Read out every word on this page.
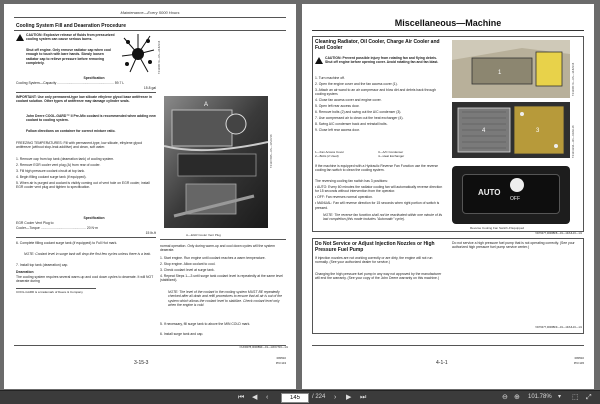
Maintenance—Every 5000 Hours
Cooling System Fill and Deaeration Procedure
CAUTION: Explosive release of fluids from pressurized cooling system can cause serious burns.
Shut off engine. Only remove radiator cap when cool enough to touch with bare hands. Slowly loosen radiator cap to relieve pressure before removing completely.	TX1206173—UN—24JUN16
Specification
Cooling System—Capacity ............................................................ 59.7 L
15.8 gal
IMPORTANT: Use only permanent-type low silicate ethylene glycol base antifreeze in coolant solution. Other types of antifreeze may damage cylinder seals.
John Deere COOL-GARD™ II Pre-Mix coolant is recommended when adding new coolant to cooling system.
Follow directions on container for correct mixture ratio.
FREEZING TEMPERATURES: Fill with permanent-type, low silicate, ethylene glycol antifreeze (without stop-leak additive) and clean, soft water.
1. Remove cap from top tank (deaeration tank) of cooling system.
2. Remove EGR cooler vent plug (A) from rear of cooler.
3. Fill high pressure coolant circuit at top tank.
4. Begin filling coolant surge tank (if equipped).
5. When air is purged and coolant is visibly coming out of vent hole on EGR cooler, install EGR cooler vent plug and tighten to specification.
Specification
EGR Cooler Vent Plug to
Cooler—Torque ................................................ 20 N·m
15 lb-ft
6. Complete filling coolant surge tank (if equipped) to Full Hot mark.
NOTE: Coolant level in surge tank will drop the first few cycles unless there is a leak.
7. Install top tank (deaeration) cap.
Deaeration
The cooling system requires several warm-up and cool down cycles to deaerate. It will NOT deaerate during
COOL-GARD is a trademark of Deere & Company
A
TX1207845—UN—11NOV16
A—EGR Cooler Vent Plug
normal operation. Only during warm-up and cool down cycles will the system deaerate.
1. Start engine. Run engine until coolant reaches a warm temperature.
2. Stop engine. Allow coolant to cool.
3. Check coolant level at surge tank.
4. Repeat Steps 1—3 until surge tank coolant level is repeatedly at the same level (stabilized).
NOTE: The level of the coolant in the cooling system MUST BE repeatedly checked after all drain and refill procedures to ensure that all air is out of the system which allows the coolant level to stabilize. Check coolant level only when the engine is cold.
5. If necessary, fill surge tank to above the MIN COLD mark.
6. Install surge tank and cap.
OUO6075,0000B9F—19—13OCT16—1/1
3-15-3
080516
PN=143
Miscellaneous—Machine
Cleaning Radiator, Oil Cooler, Charge Air Cooler and Fuel Cooler
CAUTION: Prevent possible injury from rotating fan and flying debris. Shut off engine before opening cover. Avoid rotating fan and fan blast.
1. Turn machine off.
2. Open the engine cover and the fan access cover (1).
3. Attach an air wand to an air compressor and blow dirt and debris back through cooling system.
4. Close fan access cover and engine cover.
5. Open left rear access door.
6. Remove bolts (2) and swing out the A/C condenser (3).
7. Use compressed air to clean out the heat exchanger (4).
8. Swing A/C condenser back and reinstall bolts.
9. Close left rear access door.
1—Fan Access Cover
2—Bolts (2 Used)
3—A/C Condenser
4—Heat Exchanger
1	TX1206174—UN—14JUN16
4	3	TX1211234—UN—02JUL16
If the machine is equipped with a Hydraulic Reverse Fan Function use the reverse cooling fan switch to clean the cooling system.
The reversing cooling fan switch has 3 positions:
• AUTO: Every 60 minutes the radiator cooling fan will automatically reverse direction for 15 seconds without intervention from the operator.
• OFF: Fan reverses normal operation.
• MANUAL: Fan will reverse direction for 15 seconds when right portion of switch is pressed.
NOTE: The reverse fan function shall not be reactivated within one minute of its last completion (this mode includes "Automatic" cycle).
AUTO
OFF
Reverse Cooling Fan Switch-If Equipped
VD76477,0000BF8—19—19JUL16—1/1
Do Not Service or Adjust Injection Nozzles or High Pressure Fuel Pump
If injection nozzles are not working correctly or are dirty, the engine will not run normally. (See your authorized dealer for service.)
Changing the high pressure fuel pump in any way not approved by the manufacturer will end the warranty. (See your copy of the John Deere warranty on this machine.)
Do not service a high pressure fuel pump that is not operating correctly. (See your authorized high pressure fuel pump service center.)
VD76477,0000BF9—19—19JUL16—1/1
4-1-1
080516
PN=145
⏮ ◀ ‹
145	/ 224 › ▶ ⏭	⊖ ⊕ 101.78% ▾ ⬚ ⤢
